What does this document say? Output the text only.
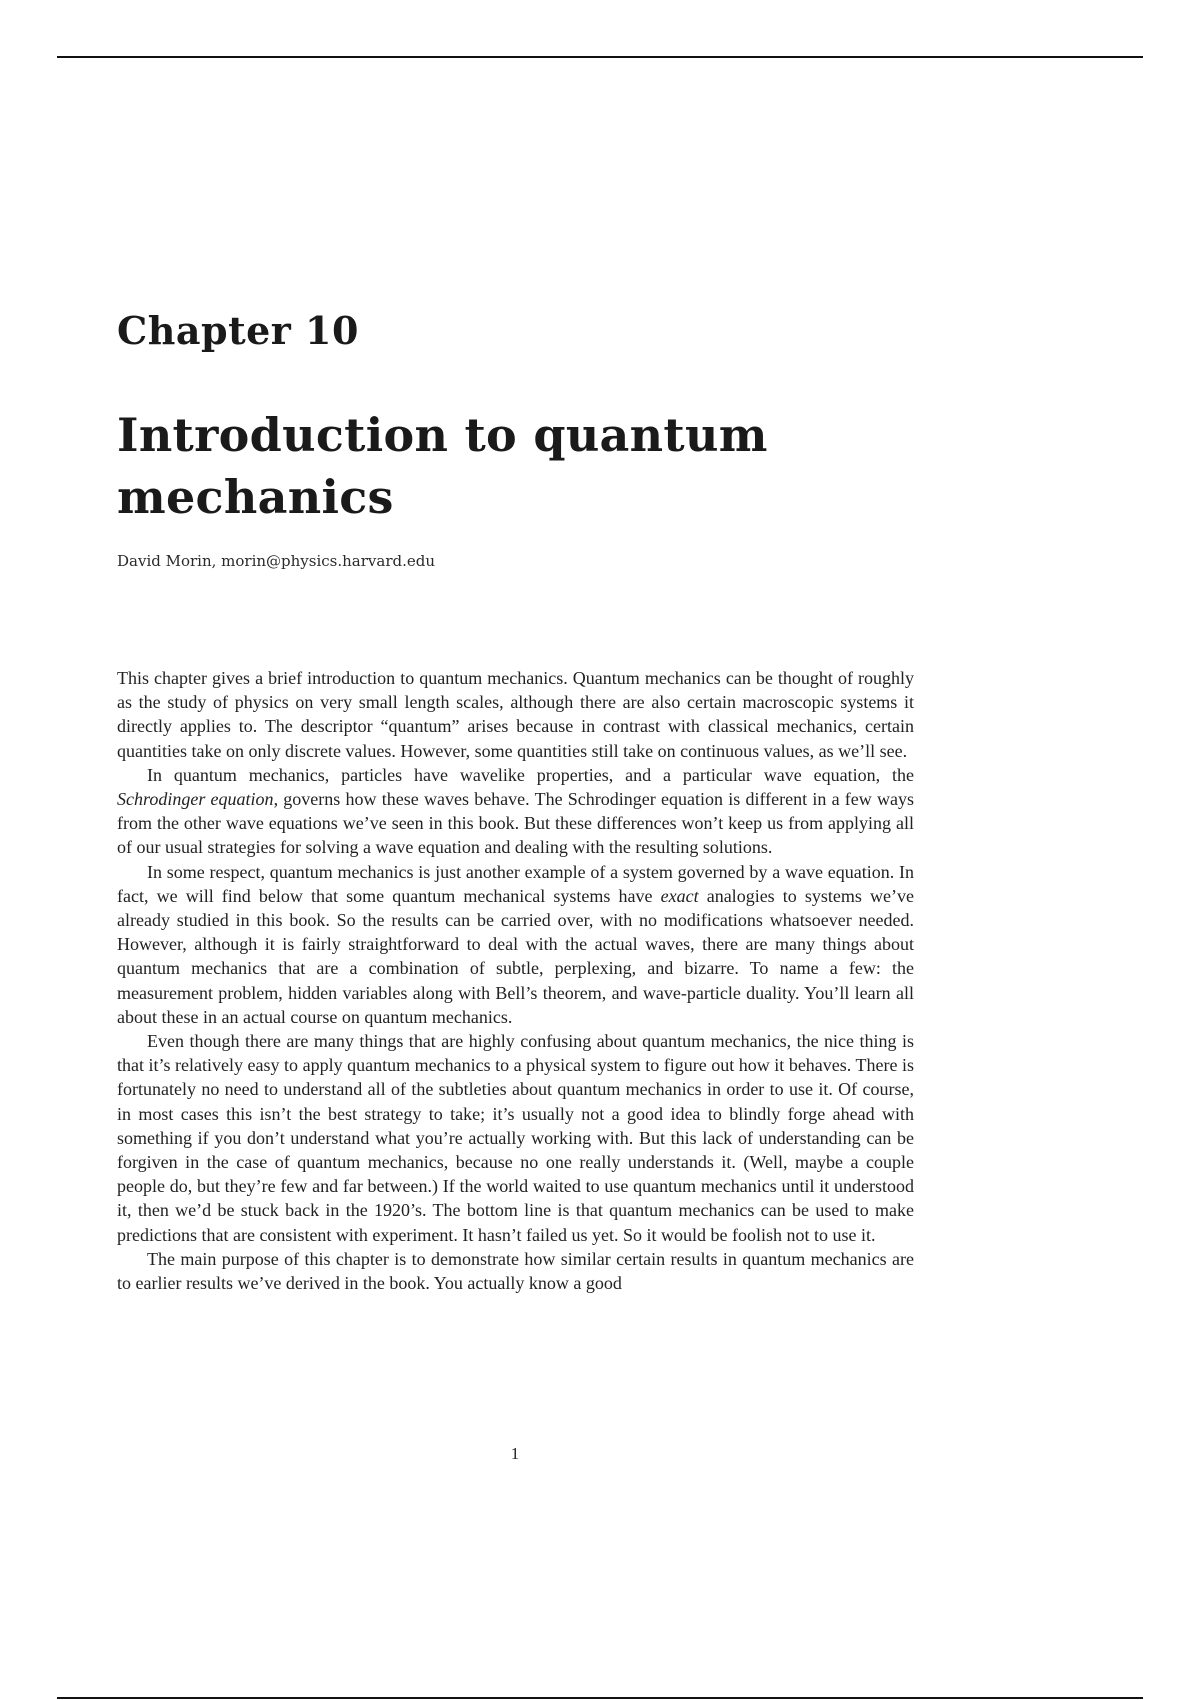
Chapter 10
Introduction to quantum mechanics

David Morin, morin@physics.harvard.edu

This chapter gives a brief introduction to quantum mechanics. Quantum mechanics can be thought of roughly as the study of physics on very small length scales, although there are also certain macroscopic systems it directly applies to. The descriptor “quantum” arises because in contrast with classical mechanics, certain quantities take on only discrete values. However, some quantities still take on continuous values, as we’ll see.

In quantum mechanics, particles have wavelike properties, and a particular wave equation, the Schrodinger equation, governs how these waves behave. The Schrodinger equation is different in a few ways from the other wave equations we’ve seen in this book. But these differences won’t keep us from applying all of our usual strategies for solving a wave equation and dealing with the resulting solutions.

In some respect, quantum mechanics is just another example of a system governed by a wave equation. In fact, we will find below that some quantum mechanical systems have exact analogies to systems we’ve already studied in this book. So the results can be carried over, with no modifications whatsoever needed. However, although it is fairly straightforward to deal with the actual waves, there are many things about quantum mechanics that are a combination of subtle, perplexing, and bizarre. To name a few: the measurement problem, hidden variables along with Bell’s theorem, and wave-particle duality. You’ll learn all about these in an actual course on quantum mechanics.

Even though there are many things that are highly confusing about quantum mechanics, the nice thing is that it’s relatively easy to apply quantum mechanics to a physical system to figure out how it behaves. There is fortunately no need to understand all of the subtleties about quantum mechanics in order to use it. Of course, in most cases this isn’t the best strategy to take; it’s usually not a good idea to blindly forge ahead with something if you don’t understand what you’re actually working with. But this lack of understanding can be forgiven in the case of quantum mechanics, because no one really understands it. (Well, maybe a couple people do, but they’re few and far between.) If the world waited to use quantum mechanics until it understood it, then we’d be stuck back in the 1920’s. The bottom line is that quantum mechanics can be used to make predictions that are consistent with experiment. It hasn’t failed us yet. So it would be foolish not to use it.

The main purpose of this chapter is to demonstrate how similar certain results in quantum mechanics are to earlier results we’ve derived in the book. You actually know a good

1
